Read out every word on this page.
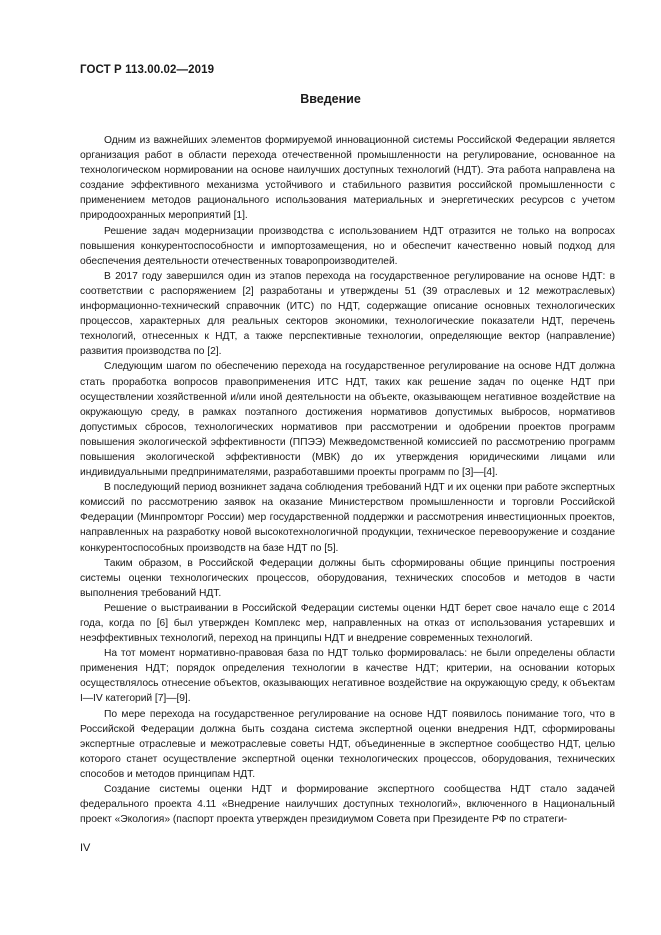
ГОСТ Р 113.00.02—2019
Введение

Одним из важнейших элементов формируемой инновационной системы Российской Федерации является организация работ в области перехода отечественной промышленности на регулирование, основанное на технологическом нормировании на основе наилучших доступных технологий (НДТ). Эта работа направлена на создание эффективного механизма устойчивого и стабильного развития российской промышленности с применением методов рационального использования материальных и энергетических ресурсов с учетом природоохранных мероприятий [1].

Решение задач модернизации производства с использованием НДТ отразится не только на вопросах повышения конкурентоспособности и импортозамещения, но и обеспечит качественно новый подход для обеспечения деятельности отечественных товаропроизводителей.

В 2017 году завершился один из этапов перехода на государственное регулирование на основе НДТ: в соответствии с распоряжением [2] разработаны и утверждены 51 (39 отраслевых и 12 межотраслевых) информационно-технический справочник (ИТС) по НДТ, содержащие описание основных технологических процессов, характерных для реальных секторов экономики, технологические показатели НДТ, перечень технологий, отнесенных к НДТ, а также перспективные технологии, определяющие вектор (направление) развития производства по [2].

Следующим шагом по обеспечению перехода на государственное регулирование на основе НДТ должна стать проработка вопросов правоприменения ИТС НДТ, таких как решение задач по оценке НДТ при осуществлении хозяйственной и/или иной деятельности на объекте, оказывающем негативное воздействие на окружающую среду, в рамках поэтапного достижения нормативов допустимых выбросов, нормативов допустимых сбросов, технологических нормативов при рассмотрении и одобрении проектов программ повышения экологической эффективности (ППЭЭ) Межведомственной комиссией по рассмотрению программ повышения экологической эффективности (МВК) до их утверждения юридическими лицами или индивидуальными предпринимателями, разработавшими проекты программ по [3]—[4].

В последующий период возникнет задача соблюдения требований НДТ и их оценки при работе экспертных комиссий по рассмотрению заявок на оказание Министерством промышленности и торговли Российской Федерации (Минпромторг России) мер государственной поддержки и рассмотрения инвестиционных проектов, направленных на разработку новой высокотехнологичной продукции, техническое перевооружение и создание конкурентоспособных производств на базе НДТ по [5].

Таким образом, в Российской Федерации должны быть сформированы общие принципы построения системы оценки технологических процессов, оборудования, технических способов и методов в части выполнения требований НДТ.

Решение о выстраивании в Российской Федерации системы оценки НДТ берет свое начало еще с 2014 года, когда по [6] был утвержден Комплекс мер, направленных на отказ от использования устаревших и неэффективных технологий, переход на принципы НДТ и внедрение современных технологий.

На тот момент нормативно-правовая база по НДТ только формировалась: не были определены области применения НДТ; порядок определения технологии в качестве НДТ; критерии, на основании которых осуществлялось отнесение объектов, оказывающих негативное воздействие на окружающую среду, к объектам I—IV категорий [7]—[9].

По мере перехода на государственное регулирование на основе НДТ появилось понимание того, что в Российской Федерации должна быть создана система экспертной оценки внедрения НДТ, сформированы экспертные отраслевые и межотраслевые советы НДТ, объединенные в экспертное сообщество НДТ, целью которого станет осуществление экспертной оценки технологических процессов, оборудования, технических способов и методов принципам НДТ.

Создание системы оценки НДТ и формирование экспертного сообщества НДТ стало задачей федерального проекта 4.11 «Внедрение наилучших доступных технологий», включенного в Национальный проект «Экология» (паспорт проекта утвержден президиумом Совета при Президенте РФ по стратеги-

IV
